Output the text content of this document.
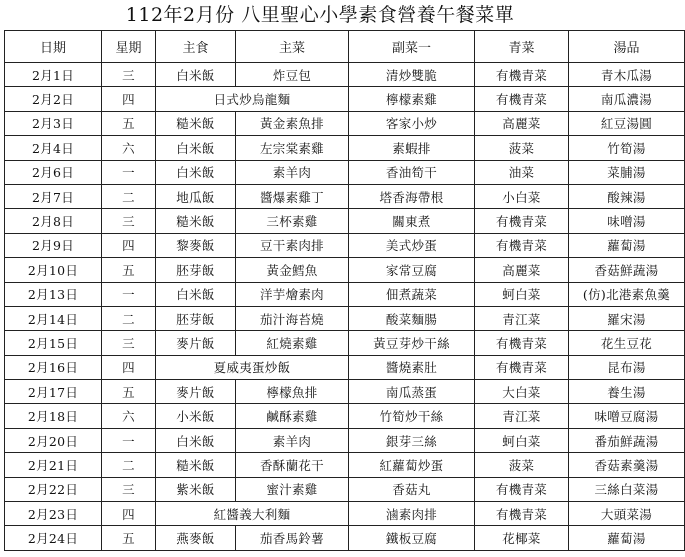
112年2月份 八里聖心小學素食營養午餐菜單
日期	星期	主食	主菜	副菜一	青菜	湯品
2月1日	三	白米飯	炸豆包	清炒雙脆	有機青菜	青木瓜湯
2月2日	四	日式炒烏龍麵		檸檬素雞	有機青菜	南瓜濃湯
2月3日	五	糙米飯	黃金素魚排	客家小炒	高麗菜	紅豆湯圓
2月4日	六	白米飯	左宗棠素雞	素蝦排	菠菜	竹筍湯
2月6日	一	白米飯	素羊肉	香油筍干	油菜	菜脯湯
2月7日	二	地瓜飯	醬爆素雞丁	塔香海帶根	小白菜	酸辣湯
2月8日	三	糙米飯	三杯素雞	關東煮	有機青菜	味噌湯
2月9日	四	黎麥飯	豆干素肉排	美式炒蛋	有機青菜	蘿蔔湯
2月10日	五	胚芽飯	黃金鱈魚	家常豆腐	高麗菜	香菇鮮蔬湯
2月13日	一	白米飯	洋芋燴素肉	佃煮蔬菜	蚵白菜	(仿)北港素魚羹
2月14日	二	胚芽飯	茄汁海苔燒	酸菜麵腸	青江菜	羅宋湯
2月15日	三	麥片飯	紅燒素雞	黃豆芽炒干絲	有機青菜	花生豆花
2月16日	四	夏威夷蛋炒飯		醬燒素肚	有機青菜	昆布湯
2月17日	五	麥片飯	檸檬魚排	南瓜蒸蛋	大白菜	養生湯
2月18日	六	小米飯	鹹酥素雞	竹筍炒干絲	青江菜	味噌豆腐湯
2月20日	一	白米飯	素羊肉	銀芽三絲	蚵白菜	番茄鮮蔬湯
2月21日	二	糙米飯	香酥蘭花干	紅蘿蔔炒蛋	菠菜	香菇素羹湯
2月22日	三	紫米飯	蜜汁素雞	香菇丸	有機青菜	三絲白菜湯
2月23日	四	紅醬義大利麵		滷素肉排	有機青菜	大頭菜湯
2月24日	五	燕麥飯	茄香馬鈴薯	鐵板豆腐	花椰菜	蘿蔔湯
